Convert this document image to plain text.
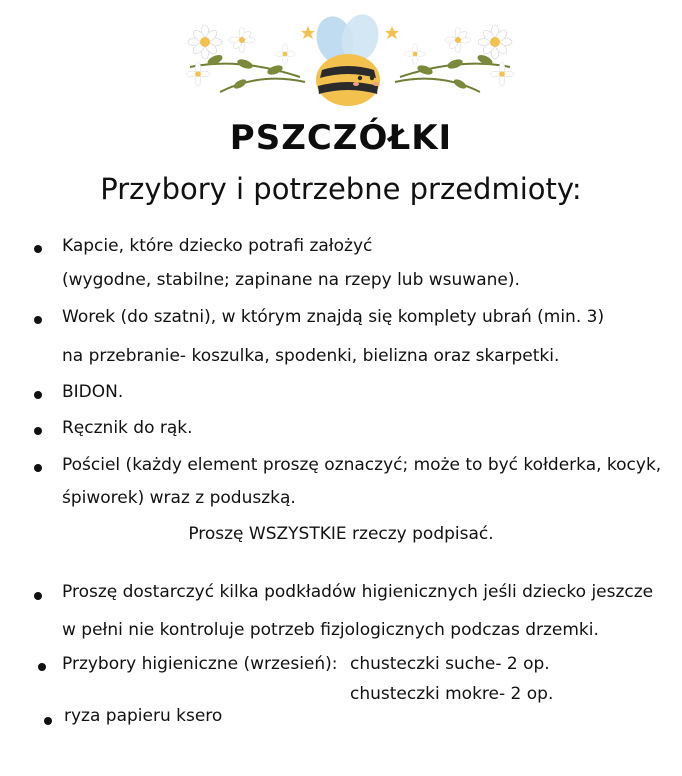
PSZCZÓŁKI
Przybory i potrzebne przedmioty:
Kapcie, które dziecko potrafi założyć
(wygodne, stabilne; zapinane na rzepy lub wsuwane).
Worek (do szatni), w którym znajdą się komplety ubrań (min. 3)
na przebranie- koszulka, spodenki, bielizna oraz skarpetki.
BIDON.
Ręcznik do rąk.
Pościel (każdy element proszę oznaczyć; może to być kołderka, kocyk,
śpiworek) wraz z poduszką.
Proszę WSZYSTKIE rzeczy podpisać.
Proszę dostarczyć kilka podkładów higienicznych jeśli dziecko jeszcze
w pełni nie kontroluje potrzeb fizjologicznych podczas drzemki.
Przybory higieniczne (wrzesień): chusteczki suche- 2 op.
chusteczki mokre- 2 op.
ryza papieru ksero
